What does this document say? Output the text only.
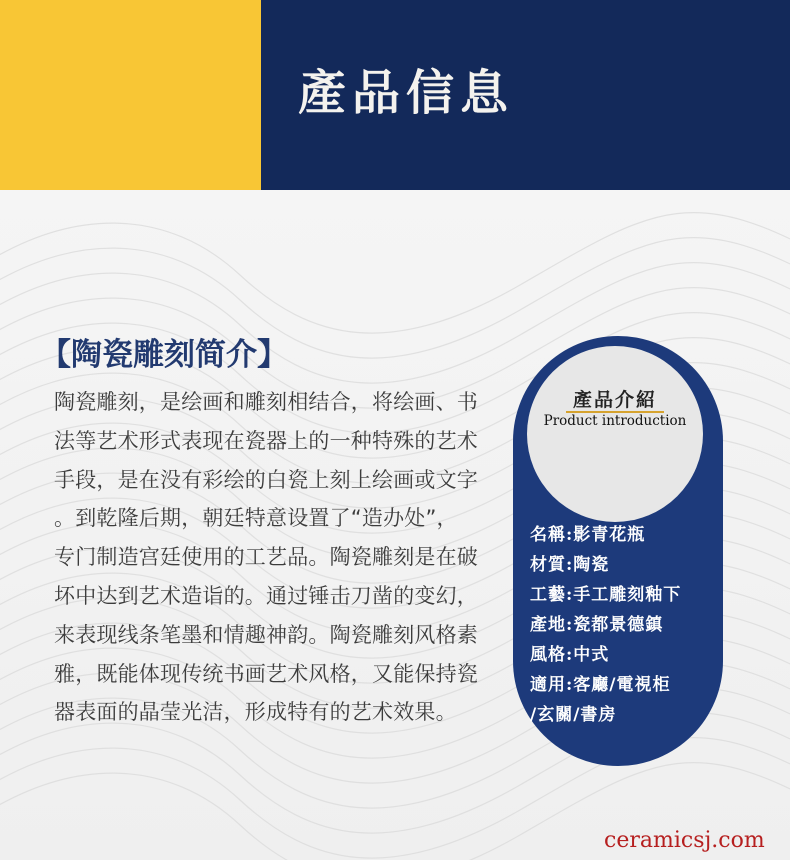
產品信息
【陶瓷雕刻简介】
陶瓷雕刻，是绘画和雕刻相结合，将绘画、书
法等艺术形式表现在瓷器上的一种特殊的艺术
手段，是在没有彩绘的白瓷上刻上绘画或文字
。到乾隆后期，朝廷特意设置了“造办处”，
专门制造宫廷使用的工艺品。陶瓷雕刻是在破
坏中达到艺术造诣的。通过锤击刀凿的变幻，
来表现线条笔墨和情趣神韵。陶瓷雕刻风格素
雅，既能体现传统书画艺术风格，又能保持瓷
器表面的晶莹光洁，形成特有的艺术效果。
產品介紹
Product introduction
名稱:影青花瓶
材質:陶瓷
工藝:手工雕刻釉下
產地:瓷都景德鎮
風格:中式
適用:客廳/電視柜
/玄關/書房
ceramicsj.com
